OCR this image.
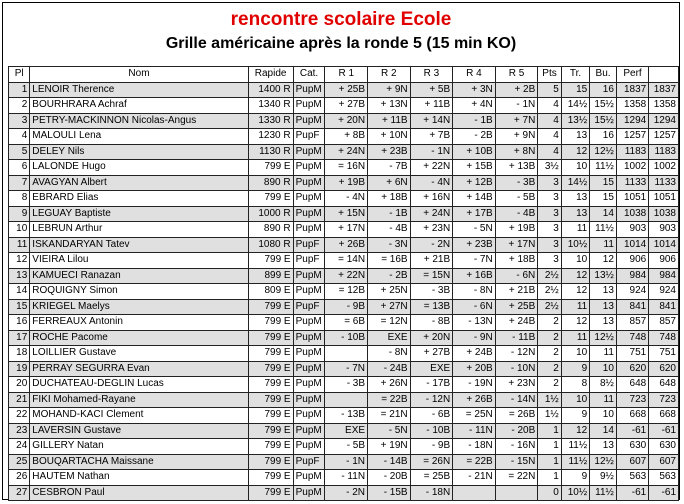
rencontre scolaire Ecole
Grille américaine après la ronde 5 (15 min KO)
Pl	Nom	Rapide	Cat.	R 1	R 2	R 3	R 4	R 5	Pts	Tr.	Bu.	Perf	
1	LENOIR Therence	1400 R	PupM	+ 25B	+ 9N	+ 5B	+ 3N	+ 2B	5	15	16	1837	1837
2	BOURHRARA Achraf	1340 R	PupM	+ 27B	+ 13N	+ 11B	+ 4N	- 1N	4	14½	15½	1358	1358
3	PETRY-MACKINNON Nicolas-Angus	1330 R	PupM	+ 20N	+ 11B	+ 14N	- 1B	+ 7N	4	13½	15½	1294	1294
4	MALOULI Lena	1230 R	PupF	+ 8B	+ 10N	+ 7B	- 2B	+ 9N	4	13	16	1257	1257
5	DELEY Nils	1130 R	PupM	+ 24N	+ 23B	- 1N	+ 10B	+ 8N	4	12	12½	1183	1183
6	LALONDE Hugo	799 E	PupM	= 16N	- 7B	+ 22N	+ 15B	+ 13B	3½	10	11½	1002	1002
7	AVAGYAN Albert	890 R	PupM	+ 19B	+ 6N	- 4N	+ 12B	- 3B	3	14½	15	1133	1133
8	EBRARD Elias	799 E	PupM	- 4N	+ 18B	+ 16N	+ 14B	- 5B	3	13	15	1051	1051
9	LEGUAY Baptiste	1000 R	PupM	+ 15N	- 1B	+ 24N	+ 17B	- 4B	3	13	14	1038	1038
10	LEBRUN Arthur	890 R	PupM	+ 17N	- 4B	+ 23N	- 5N	+ 19B	3	11	11½	903	903
11	ISKANDARYAN Tatev	1080 R	PupF	+ 26B	- 3N	- 2N	+ 23B	+ 17N	3	10½	11	1014	1014
12	VIEIRA Lilou	799 E	PupF	= 14N	= 16B	+ 21B	- 7N	+ 18B	3	10	12	906	906
13	KAMUECI Ranazan	899 E	PupM	+ 22N	- 2B	= 15N	+ 16B	- 6N	2½	12	13½	984	984
14	ROQUIGNY Simon	809 E	PupM	= 12B	+ 25N	- 3B	- 8N	+ 21B	2½	12	13	924	924
15	KRIEGEL Maelys	799 E	PupF	- 9B	+ 27N	= 13B	- 6N	+ 25B	2½	11	13	841	841
16	FERREAUX Antonin	799 E	PupM	= 6B	= 12N	- 8B	- 13N	+ 24B	2	12	13	857	857
17	ROCHE Pacome	799 E	PupM	- 10B	EXE	+ 20N	- 9N	- 11B	2	11	12½	748	748
18	LOILLIER Gustave	799 E	PupM		- 8N	+ 27B	+ 24B	- 12N	2	10	11	751	751
19	PERRAY SEGURRA Evan	799 E	PupM	- 7N	- 24B	EXE	+ 20B	- 10N	2	9	10	620	620
20	DUCHATEAU-DEGLIN Lucas	799 E	PupM	- 3B	+ 26N	- 17B	- 19N	+ 23N	2	8	8½	648	648
21	FIKI Mohamed-Rayane	799 E	PupM		= 22B	- 12N	+ 26B	- 14N	1½	10	11	723	723
22	MOHAND-KACI Clement	799 E	PupM	- 13B	= 21N	- 6B	= 25N	= 26B	1½	9	10	668	668
23	LAVERSIN Gustave	799 E	PupM	EXE	- 5N	- 10B	- 11N	- 20B	1	12	14	-61	-61
24	GILLERY Natan	799 E	PupM	- 5B	+ 19N	- 9B	- 18N	- 16N	1	11½	13	630	630
25	BOUQARTACHA Maissane	799 E	PupF	- 1N	- 14B	= 26N	= 22B	- 15N	1	11½	12½	607	607
26	HAUTEM Nathan	799 E	PupM	- 11N	- 20B	= 25B	- 21N	= 22N	1	9	9½	563	563
27	CESBRON Paul	799 E	PupM	- 2N	- 15B	- 18N			0	10½	11½	-61	-61
